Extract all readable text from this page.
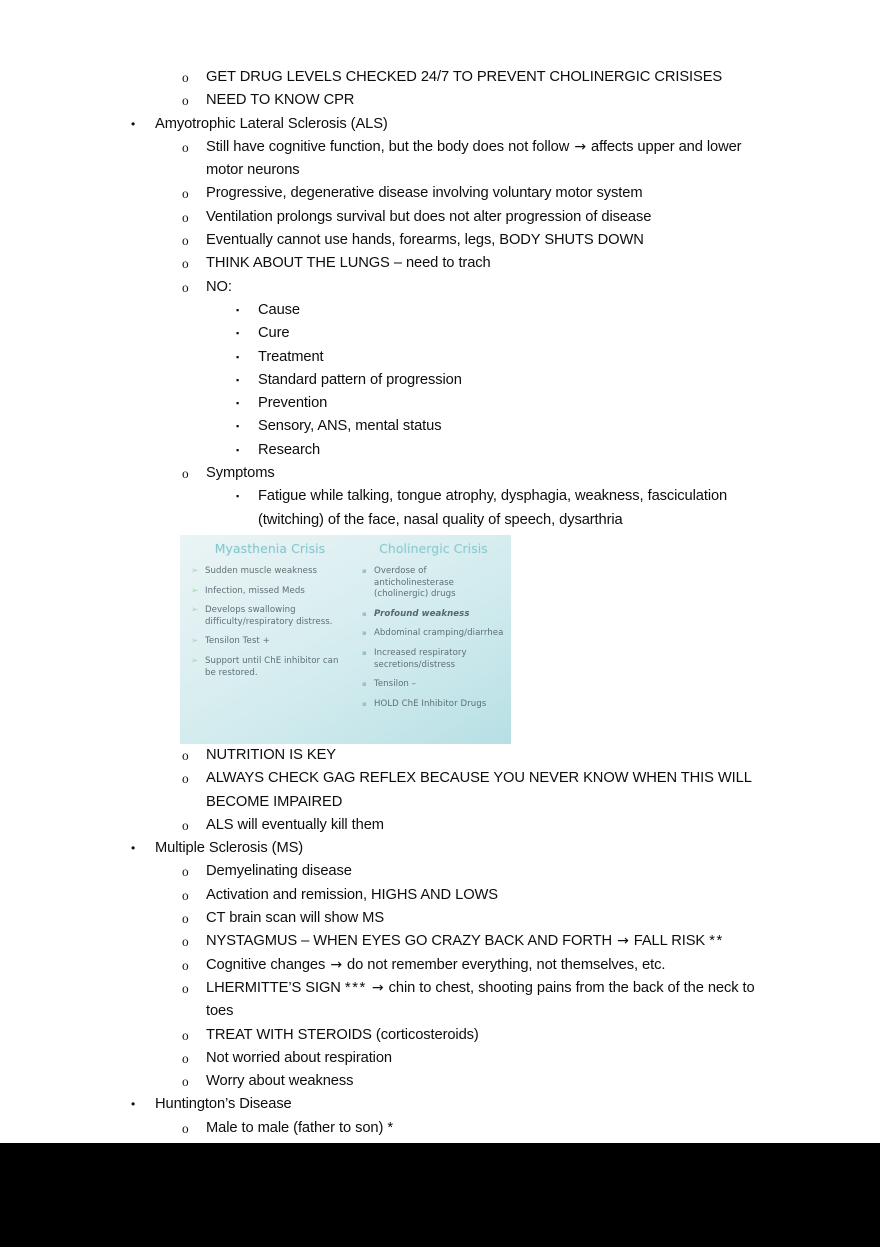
o GET DRUG LEVELS CHECKED 24/7 TO PREVENT CHOLINERGIC CRISISES
o NEED TO KNOW CPR
• Amyotrophic Lateral Sclerosis (ALS)
o Still have cognitive function, but the body does not follow → affects upper and lower motor neurons
o Progressive, degenerative disease involving voluntary motor system
o Ventilation prolongs survival but does not alter progression of disease
o Eventually cannot use hands, forearms, legs, BODY SHUTS DOWN
o THINK ABOUT THE LUNGS – need to trach
o NO:
▪ Cause
▪ Cure
▪ Treatment
▪ Standard pattern of progression
▪ Prevention
▪ Sensory, ANS, mental status
▪ Research
o Symptoms
▪ Fatigue while talking, tongue atrophy, dysphagia, weakness, fasciculation (twitching) of the face, nasal quality of speech, dysarthria
o NUTRITION IS KEY
o ALWAYS CHECK GAG REFLEX BECAUSE YOU NEVER KNOW WHEN THIS WILL BECOME IMPAIRED
o ALS will eventually kill them
• Multiple Sclerosis (MS)
o Demyelinating disease
o Activation and remission, HIGHS AND LOWS
o CT brain scan will show MS
o NYSTAGMUS – WHEN EYES GO CRAZY BACK AND FORTH → FALL RISK **
o Cognitive changes → do not remember everything, not themselves, etc.
o LHERMITTE’S SIGN *** → chin to chest, shooting pains from the back of the neck to toes
o TREAT WITH STEROIDS (corticosteroids)
o Not worried about respiration
o Worry about weakness
• Huntington’s Disease
o Male to male (father to son) *
Myasthenia Crisis
➢ Sudden muscle weakness
➢ Infection, missed Meds
➢ Develops swallowing difficulty/respiratory distress.
➢ Tensilon Test +
➢ Support until ChE inhibitor can be restored.
Cholinergic Crisis
▪ Overdose of anticholinesterase (cholinergic) drugs
▪ Profound weakness
▪ Abdominal cramping/diarrhea
▪ Increased respiratory secretions/distress
▪ Tensilon –
▪ HOLD ChE Inhibitor Drugs
